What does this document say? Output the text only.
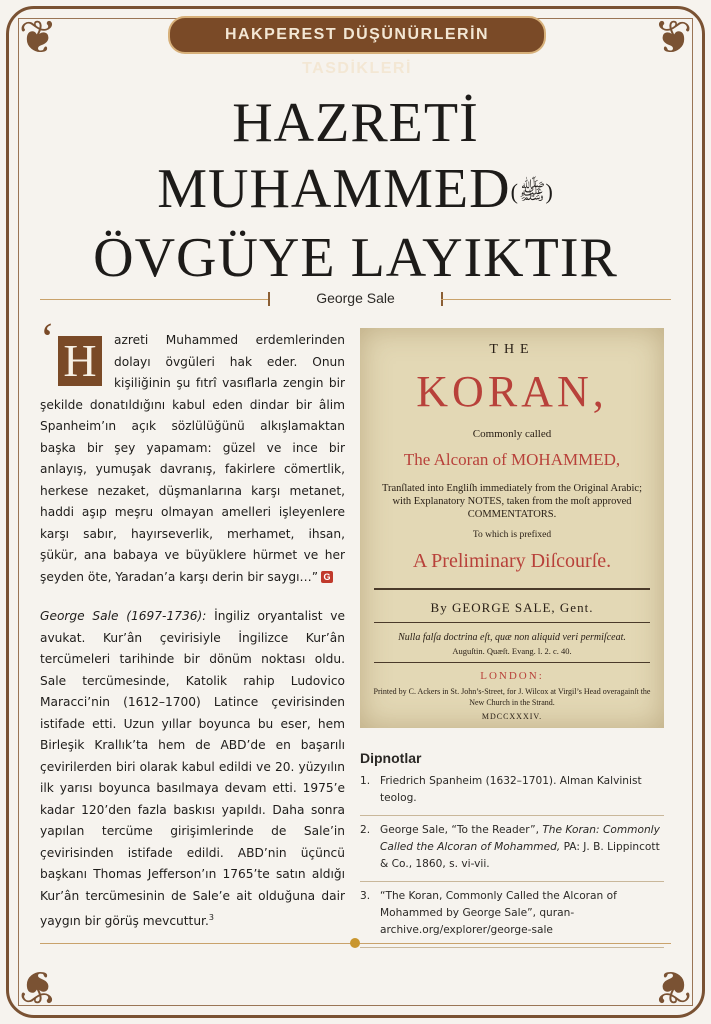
❦	❦
❦	❦
HAKPEREST DÜŞÜNÜRLERİN TASDİKLERİ
HAZRETİ
MUHAMMED(ﷺ)
ÖVGÜYE LAYIKTIR
George Sale
‘ H	azreti Muhammed erdemlerinden dolayı övgüleri hak eder. Onun kişiliğinin şu fıtrî vasıflarla zengin bir şekilde donatıldığını kabul eden dindar bir âlim Spanheim’ın açık sözlülüğünü alkışlamaktan başka bir şey yapamam: güzel ve ince bir anlayış, yumuşak davranış, fakirlere cömertlik, herkese nezaket, düşmanlarına karşı metanet, haddi aşıp meşru olmayan amelleri işleyenlere karşı sabır, hayırseverlik, merhamet, ihsan, şükür, ana babaya ve büyüklere hürmet ve her şeyden öte, Yaradan’a karşı derin bir saygı…” G
George Sale (1697-1736): İngiliz oryantalist ve avukat. Kur’ân çevirisiyle İngilizce Kur’ân tercümeleri tarihinde bir dönüm noktası oldu. Sale tercümesinde, Katolik rahip Ludovico Maracci’nin (1612–1700) Latince çevirisinden istifade etti. Uzun yıllar boyunca bu eser, hem Birleşik Krallık’ta hem de ABD’de en başarılı çevirilerden biri olarak kabul edildi ve 20. yüzyılın ilk yarısı boyunca basılmaya devam etti. 1975’e kadar 120’den fazla baskısı yapıldı. Daha sonra yapılan tercüme girişimlerinde de Sale’in çevirisinden istifade edildi. ABD’nin üçüncü başkanı Thomas Jefferson’ın 1765’te satın aldığı Kur’ân tercümesinin de Sale’e ait olduğuna dair yaygın bir görüş mevcuttur.$^3$
THE
KORAN,
Commonly called
The Alcoran of MOHAMMED,
Tranſlated into Engliſh immediately from the Original Arabic; with Explanatory NOTES, taken from the moſt approved COMMENTATORS.
To which is prefixed
A Preliminary Diſcourſe.
By GEORGE SALE, Gent.
Nulla falſa doctrina eſt, quæ non aliquid veri permiſceat.
Auguſtin. Quæſt. Evang. l. 2. c. 40.
LONDON:
Printed by C. Ackers in St. John’s-Street, for J. Wilcox at Virgil’s Head overagainſt the New Church in the Strand.
MDCCXXXIV.
Dipnotlar
1. Friedrich Spanheim (1632–1701). Alman Kalvinist teolog.
2. George Sale, “To the Reader”, The Koran: Commonly Called the Alcoran of Mohammed, PA: J. B. Lippincott & Co., 1860, s. vi-vii.
3. “The Koran, Commonly Called the Alcoran of Mohammed by George Sale”, quran-archive.org/explorer/george-sale
